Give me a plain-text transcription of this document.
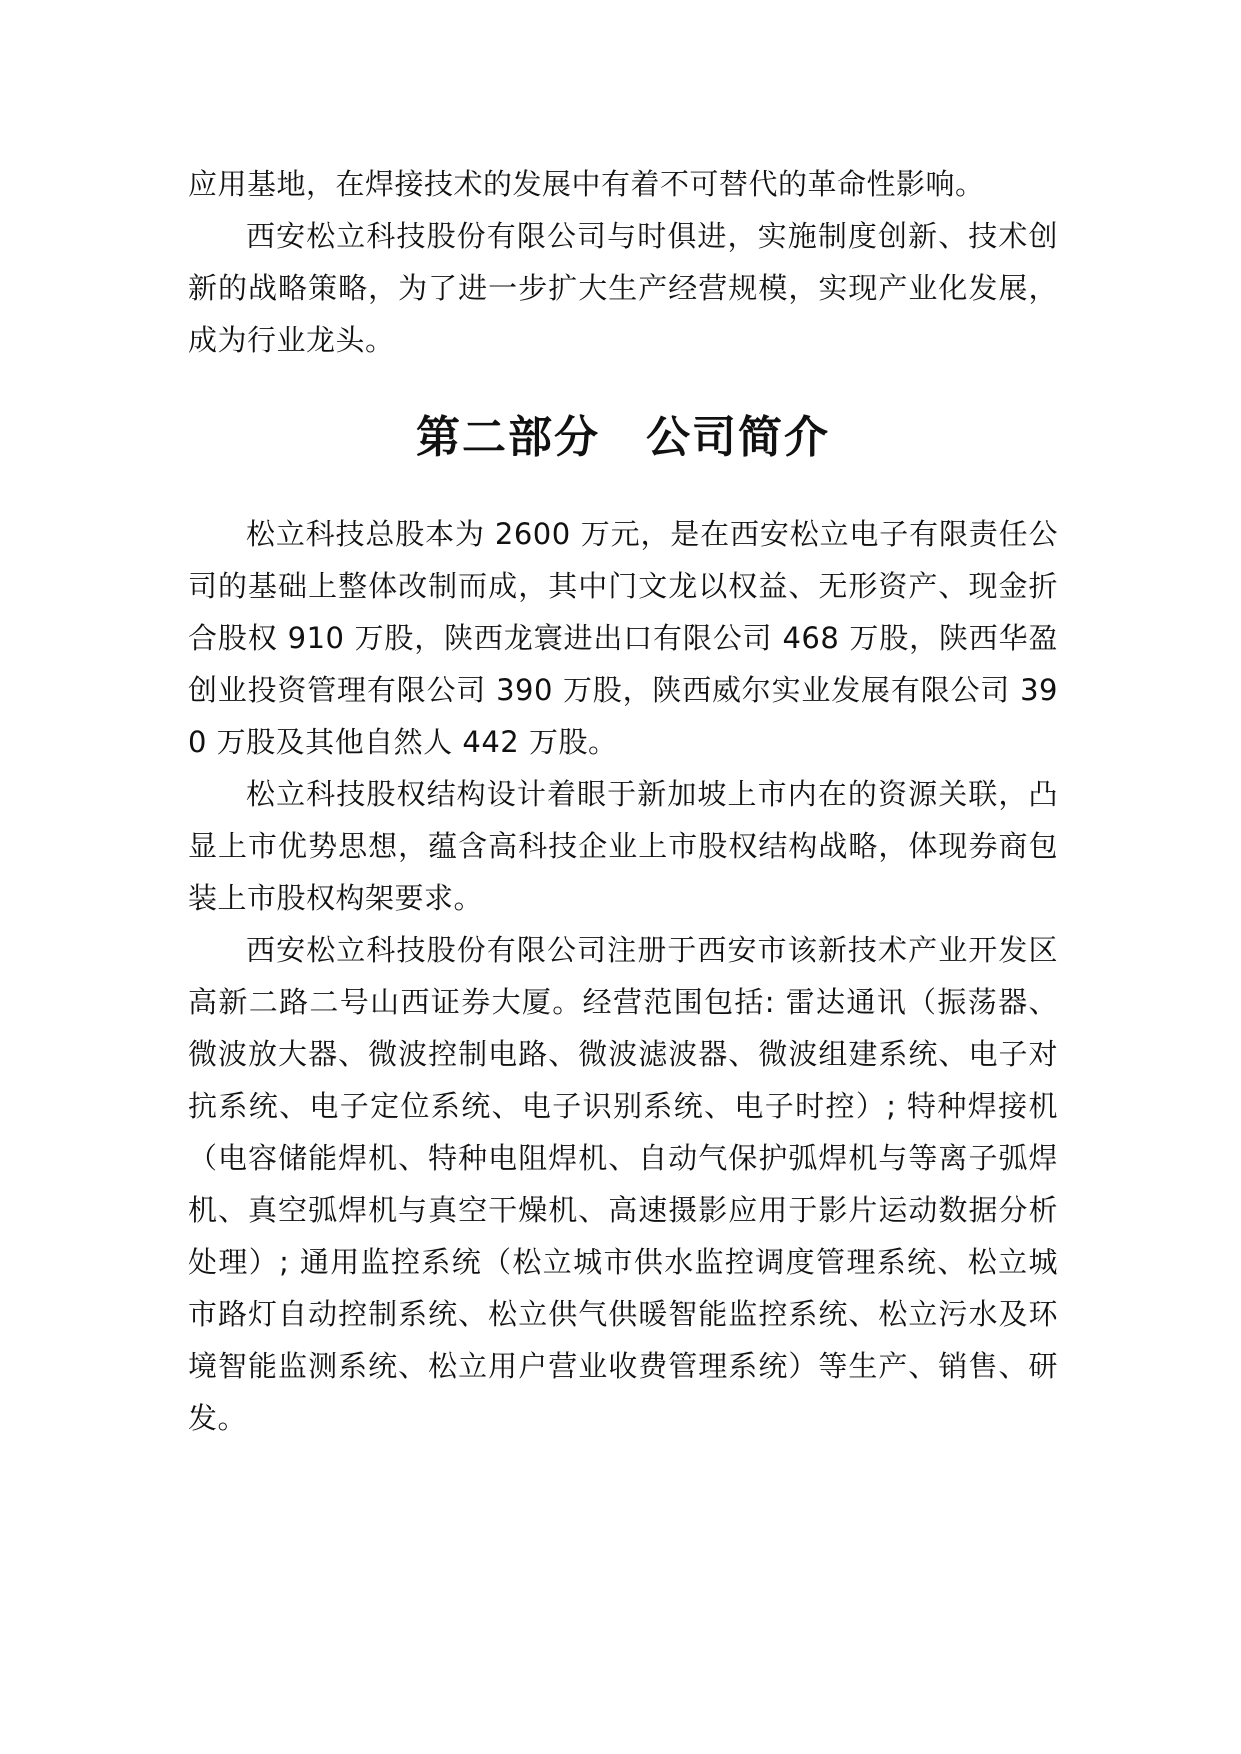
应用基地，在焊接技术的发展中有着不可替代的革命性影响。

西安松立科技股份有限公司与时俱进，实施制度创新、技术创新的战略策略，为了进一步扩大生产经营规模，实现产业化发展，成为行业龙头。

第二部分　公司简介

松立科技总股本为 2600 万元，是在西安松立电子有限责任公司的基础上整体改制而成，其中门文龙以权益、无形资产、现金折合股权 910 万股，陕西龙寰进出口有限公司 468 万股，陕西华盈创业投资管理有限公司 390 万股，陕西威尔实业发展有限公司 390 万股及其他自然人 442 万股。

松立科技股权结构设计着眼于新加坡上市内在的资源关联，凸显上市优势思想，蕴含高科技企业上市股权结构战略，体现券商包装上市股权构架要求。

西安松立科技股份有限公司注册于西安市该新技术产业开发区高新二路二号山西证券大厦。经营范围包括: 雷达通讯（振荡器、微波放大器、微波控制电路、微波滤波器、微波组建系统、电子对抗系统、电子定位系统、电子识别系统、电子时控）; 特种焊接机（电容储能焊机、特种电阻焊机、自动气保护弧焊机与等离子弧焊机、真空弧焊机与真空干燥机、高速摄影应用于影片运动数据分析处理）; 通用监控系统（松立城市供水监控调度管理系统、松立城市路灯自动控制系统、松立供气供暖智能监控系统、松立污水及环境智能监测系统、松立用户营业收费管理系统）等生产、销售、研发。
